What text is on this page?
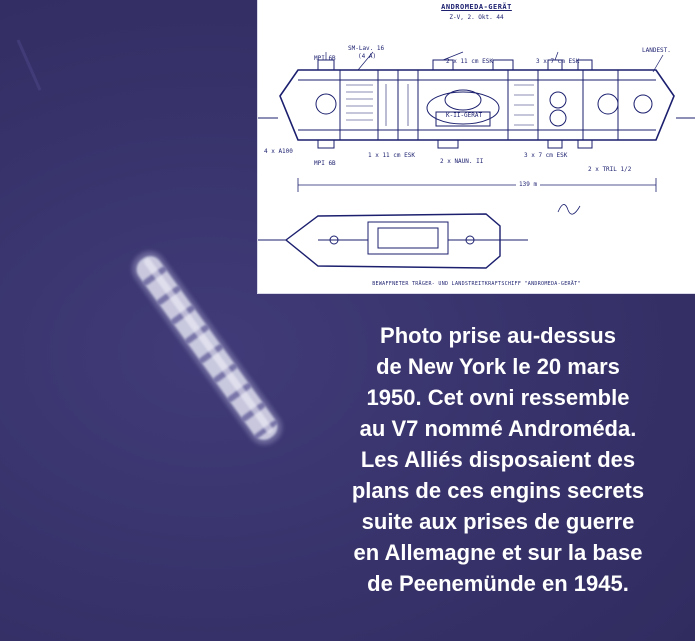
ANDROMEDA-GERÄT
Z-V, 2. Okt. 44
MPI 6B
SM-Lav. 16
(4 A)
2 x 11 cm ESK	3 x 7 cm ESK
LANDEST.
K-II-GERÄT
4 x A100
MPI 6B
1 x 11 cm ESK
2 x NAUN. II
3 x 7 cm ESK
2 x TRIL 1/2
139 m
BEWAFFNETER TRÄGER- UND LANDSTREITKRAFTSCHIFF "ANDROMEDA-GERÄT"
Photo prise au-dessus
de New York le 20 mars
1950. Cet ovni ressemble
au V7 nommé Androméda.
Les Alliés disposaient des
plans de ces engins secrets
suite aux prises de guerre
en Allemagne et sur la base
de Peenemünde en 1945.
